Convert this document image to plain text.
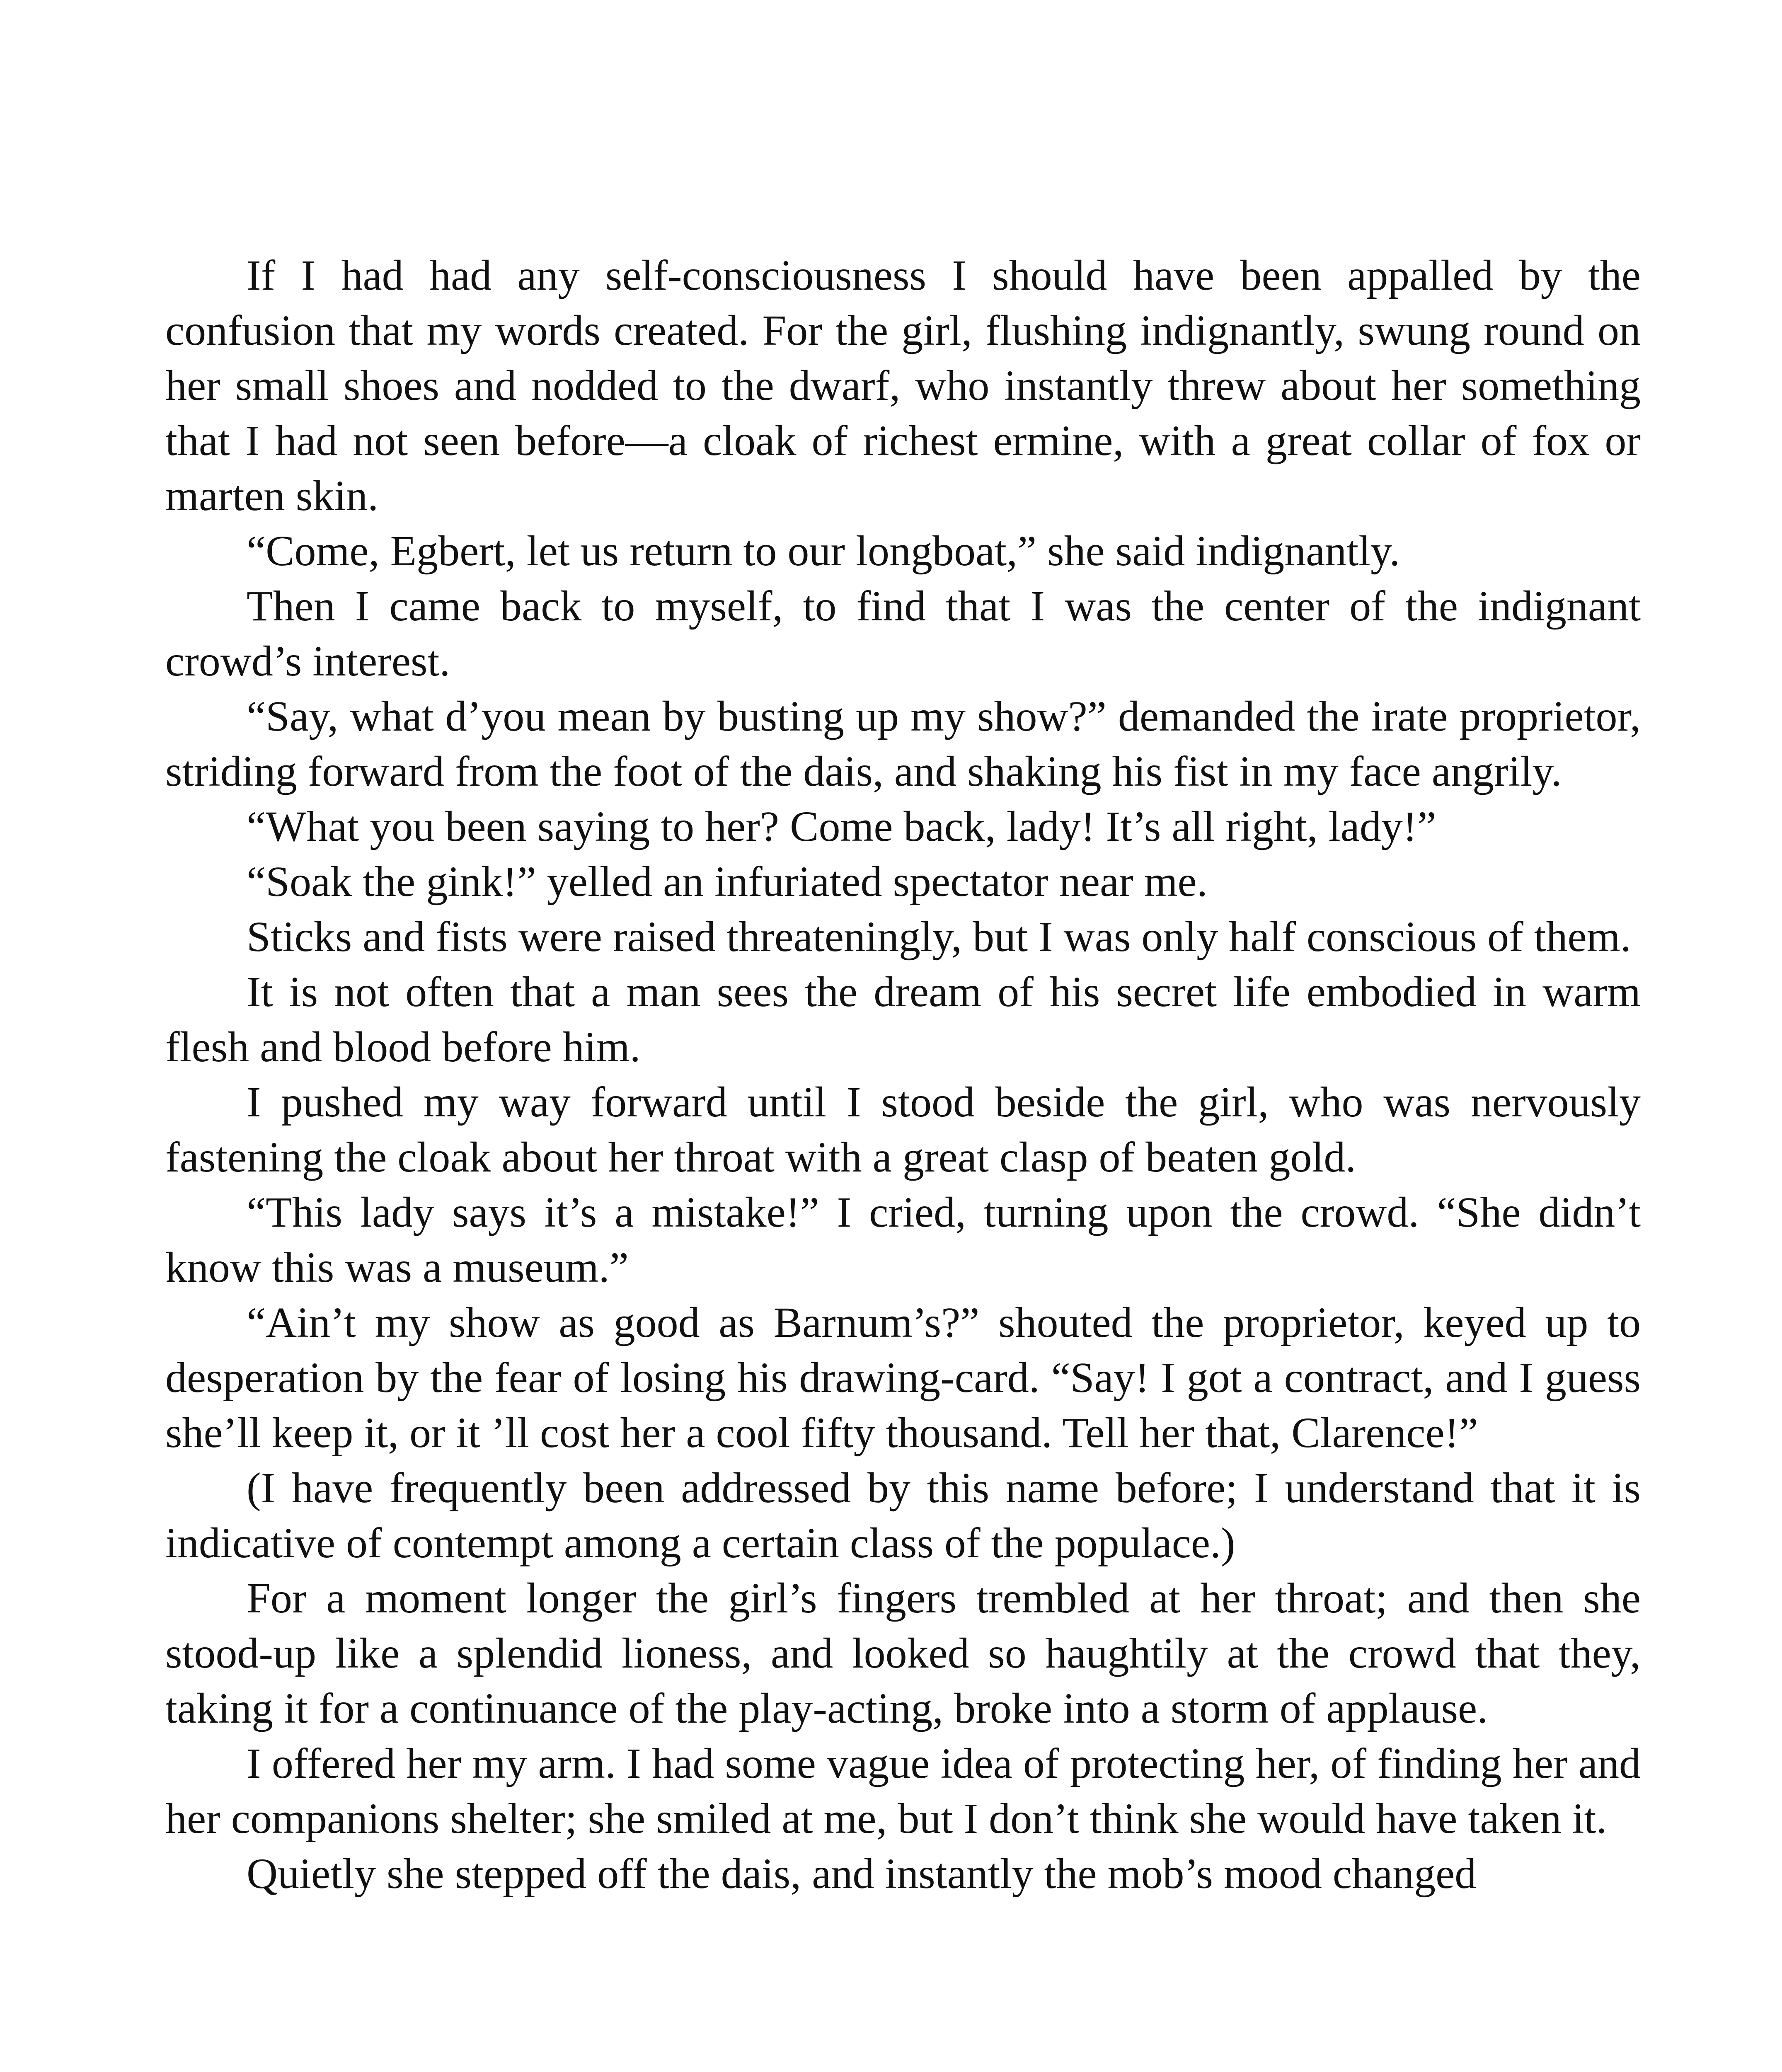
If I had had any self-consciousness I should have been appalled by the confusion that my words created. For the girl, flushing indignantly, swung round on her small shoes and nodded to the dwarf, who instantly threw about her something that I had not seen before—a cloak of richest ermine, with a great collar of fox or marten skin.

“Come, Egbert, let us return to our longboat,” she said indignantly.

Then I came back to myself, to find that I was the center of the indignant crowd’s interest.

“Say, what d’you mean by busting up my show?” demanded the irate proprietor, striding forward from the foot of the dais, and shaking his fist in my face angrily.

“What you been saying to her? Come back, lady! It’s all right, lady!”

“Soak the gink!” yelled an infuriated spectator near me.

Sticks and fists were raised threateningly, but I was only half conscious of them.

It is not often that a man sees the dream of his secret life embodied in warm flesh and blood before him.

I pushed my way forward until I stood beside the girl, who was nervously fastening the cloak about her throat with a great clasp of beaten gold.

“This lady says it’s a mistake!” I cried, turning upon the crowd. “She didn’t know this was a museum.”

“Ain’t my show as good as Barnum’s?” shouted the proprietor, keyed up to desperation by the fear of losing his drawing-card. “Say! I got a contract, and I guess she’ll keep it, or it ’ll cost her a cool fifty thousand. Tell her that, Clarence!”

(I have frequently been addressed by this name before; I understand that it is indicative of contempt among a certain class of the populace.)

For a moment longer the girl’s fingers trembled at her throat; and then she stood-up like a splendid lioness, and looked so haughtily at the crowd that they, taking it for a continuance of the play-acting, broke into a storm of applause.

I offered her my arm. I had some vague idea of protecting her, of finding her and her companions shelter; she smiled at me, but I don’t think she would have taken it.

Quietly she stepped off the dais, and instantly the mob’s mood changed
